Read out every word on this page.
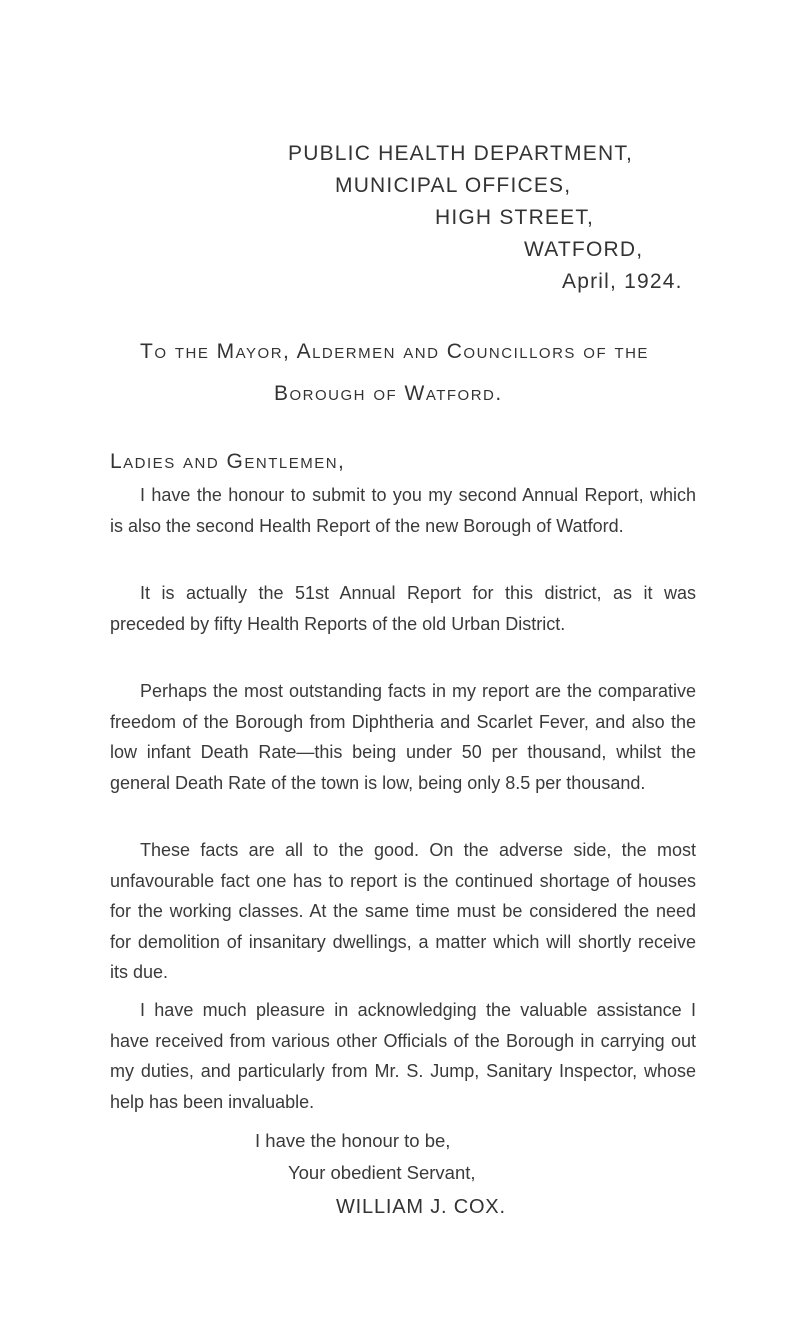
PUBLIC HEALTH DEPARTMENT,
MUNICIPAL OFFICES,
HIGH STREET,
WATFORD,
April, 1924.
To the Mayor, Aldermen and Councillors of the
Borough of Watford.
Ladies and Gentlemen,

I have the honour to submit to you my second Annual Report, which is also the second Health Report of the new Borough of Watford.

It is actually the 51st Annual Report for this district, as it was preceded by fifty Health Reports of the old Urban District.

Perhaps the most outstanding facts in my report are the comparative freedom of the Borough from Diphtheria and Scarlet Fever, and also the low infant Death Rate—this being under 50 per thousand, whilst the general Death Rate of the town is low, being only 8.5 per thousand.

These facts are all to the good. On the adverse side, the most unfavourable fact one has to report is the continued shortage of houses for the working classes. At the same time must be considered the need for demolition of insanitary dwellings, a matter which will shortly receive its due.

I have much pleasure in acknowledging the valuable assistance I have received from various other Officials of the Borough in carrying out my duties, and particularly from Mr. S. Jump, Sanitary Inspector, whose help has been invaluable.

I have the honour to be,
Your obedient Servant,
WILLIAM J. COX.
